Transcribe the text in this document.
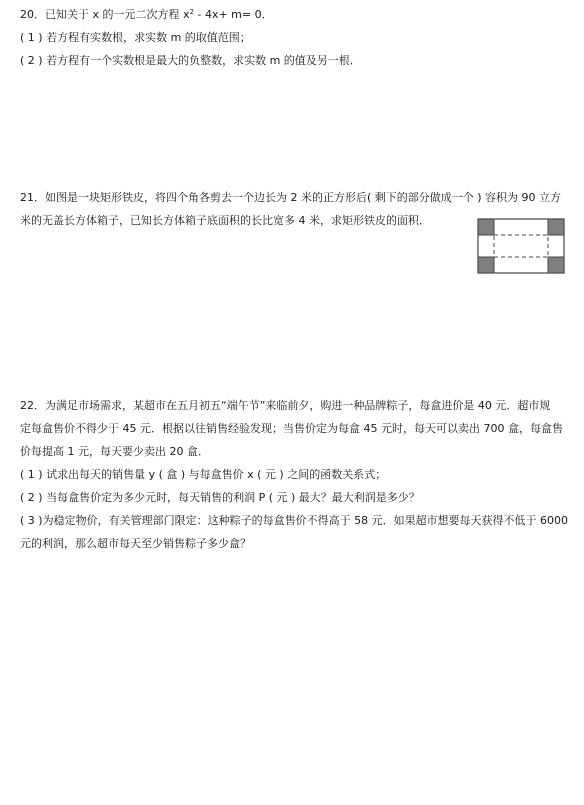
20．已知关于 x 的一元二次方程 $x^2 - 4x+ m= 0$．
( 1 ) 若方程有实数根，求实数 m 的取值范围；
( 2 ) 若方程有一个实数根是最大的负整数，求实数 m 的值及另一根．
21．如图是一块矩形铁皮，将四个角各剪去一个边长为 2 米的正方形后( 剩下的部分做成一个 ) 容积为 90 立方
米的无盖长方体箱子，已知长方体箱子底面积的长比宽多 4 米，求矩形铁皮的面积．
22．为满足市场需求，某超市在五月初五“端午节”来临前夕，购进一种品牌粽子，每盒进价是 40 元．超市规
定每盒售价不得少于 45 元．根据以往销售经验发现；当售价定为每盒 45 元时，每天可以卖出 700 盒，每盒售
价每提高 1 元，每天要少卖出 20 盒．
( 1 ) 试求出每天的销售量 y ( 盒 ) 与每盒售价 x ( 元 ) 之间的函数关系式；
( 2 ) 当每盒售价定为多少元时，每天销售的利润 P ( 元 ) 最大？最大利润是多少？
( 3 )为稳定物价，有关管理部门限定：这种粽子的每盒售价不得高于 58 元．如果超市想要每天获得不低于 6000
元的利润，那么超市每天至少销售粽子多少盒？
